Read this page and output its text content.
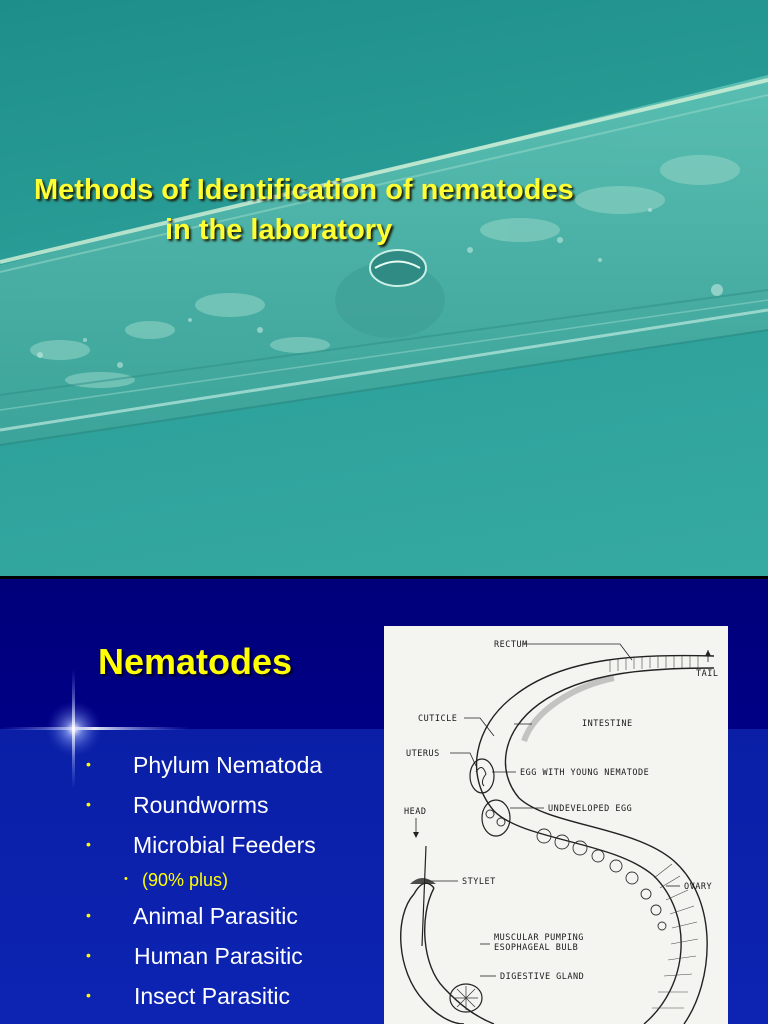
Methods of Identification of nematodes
in the laboratory
Nematodes
• Phylum Nematoda
• Roundworms
• Microbial Feeders
• (90% plus)
• Animal Parasitic
• Human Parasitic
• Insect Parasitic
RECTUM
TAIL
CUTICLE	INTESTINE
UTERUS
EGG WITH YOUNG NEMATODE
HEAD	UNDEVELOPED EGG
STYLET	OVARY
MUSCULAR PUMPING
ESOPHAGEAL BULB
DIGESTIVE GLAND
